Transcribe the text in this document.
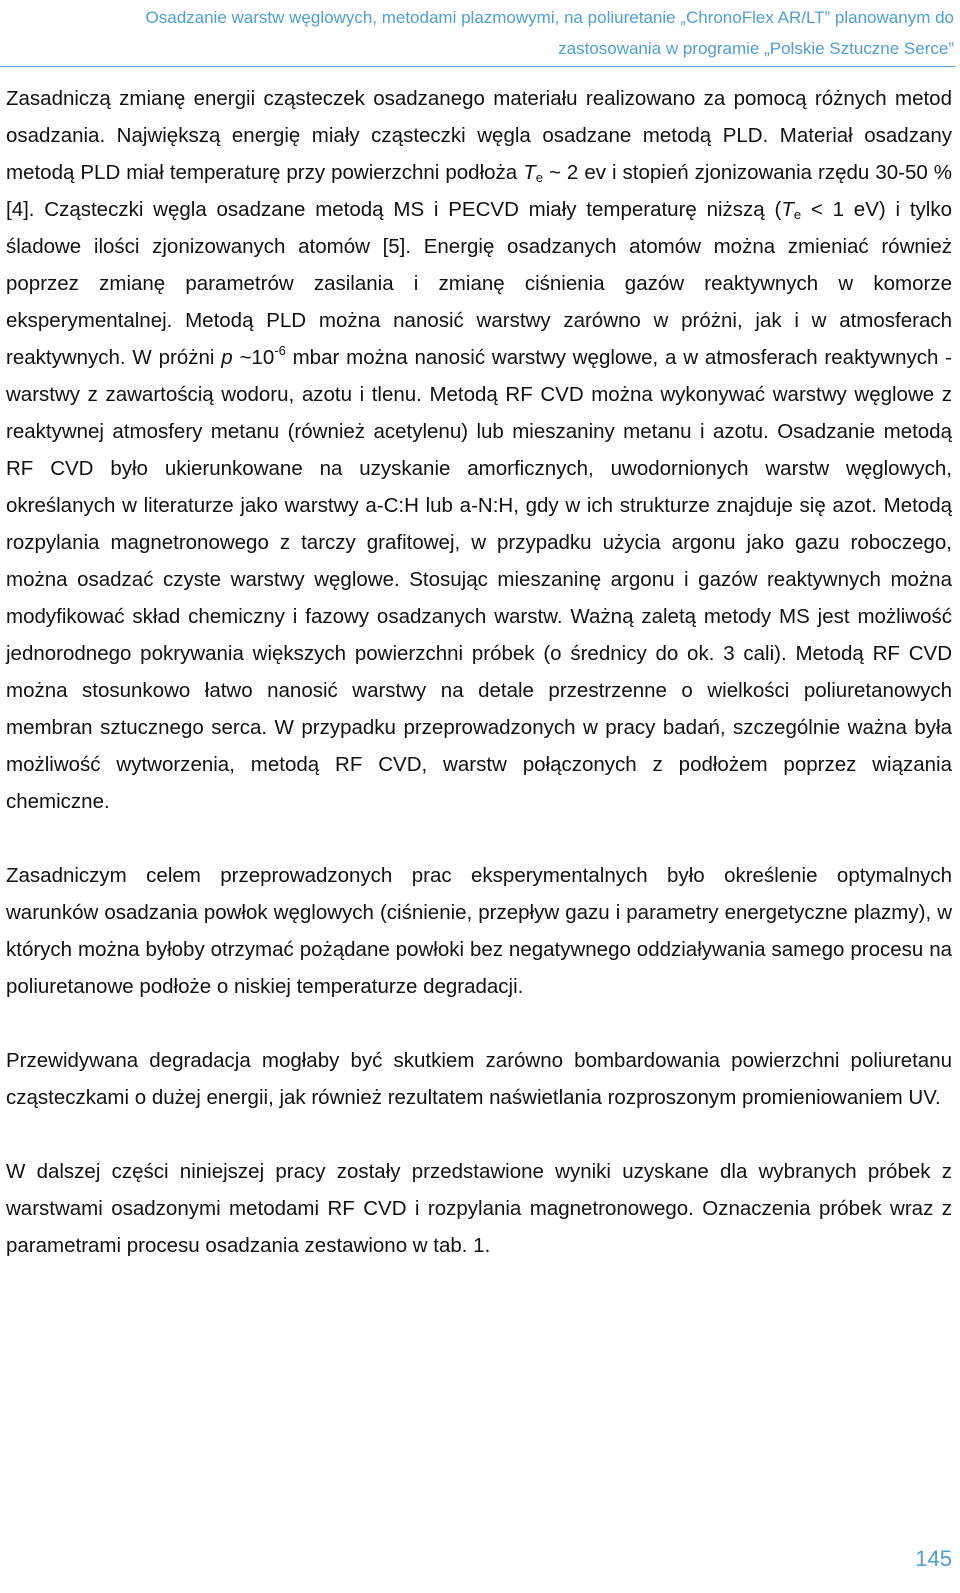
Osadzanie warstw węglowych, metodami plazmowymi, na poliuretanie „ChronoFlex AR/LT” planowanym do
zastosowania w programie „Polskie Sztuczne Serce”

Zasadniczą zmianę energii cząsteczek osadzanego materiału realizowano za pomocą różnych metod osadzania. Największą energię miały cząsteczki węgla osadzane metodą PLD. Materiał osadzany metodą PLD miał temperaturę przy powierzchni podłoża $T_e$ ~ 2 ev i stopień zjonizowania rzędu 30-50 % [4]. Cząsteczki węgla osadzane metodą MS i PECVD miały temperaturę niższą ($T_e < 1$ eV) i tylko śladowe ilości zjonizowanych atomów [5]. Energię osadzanych atomów można zmieniać również poprzez zmianę parametrów zasilania i zmianę ciśnienia gazów reaktywnych w komorze eksperymentalnej. Metodą PLD można nanosić warstwy zarówno w próżni, jak i w atmosferach reaktywnych. W próżni p $\sim 10^{-6}$ mbar można nanosić warstwy węglowe, a w atmosferach reaktywnych - warstwy z zawartością wodoru, azotu i tlenu. Metodą RF CVD można wykonywać warstwy węglowe z reaktywnej atmosfery metanu (również acetylenu) lub mieszaniny metanu i azotu. Osadzanie metodą RF CVD było ukierunkowane na uzyskanie amorficznych, uwodornionych warstw węglowych, określanych w literaturze jako warstwy a-C:H lub a-N:H, gdy w ich strukturze znajduje się azot. Metodą rozpylania magnetronowego z tarczy grafitowej, w przypadku użycia argonu jako gazu roboczego, można osadzać czyste warstwy węglowe. Stosując mieszaninę argonu i gazów reaktywnych można modyfikować skład chemiczny i fazowy osadzanych warstw. Ważną zaletą metody MS jest możliwość jednorodnego pokrywania większych powierzchni próbek (o średnicy do ok. 3 cali). Metodą RF CVD można stosunkowo łatwo nanosić warstwy na detale przestrzenne o wielkości poliuretanowych membran sztucznego serca. W przypadku przeprowadzonych w pracy badań, szczególnie ważna była możliwość wytworzenia, metodą RF CVD, warstw połączonych z podłożem poprzez wiązania chemiczne.

Zasadniczym celem przeprowadzonych prac eksperymentalnych było określenie optymalnych warunków osadzania powłok węglowych (ciśnienie, przepływ gazu i parametry energetyczne plazmy), w których można byłoby otrzymać pożądane powłoki bez negatywnego oddziaływania samego procesu na poliuretanowe podłoże o niskiej temperaturze degradacji.

Przewidywana degradacja mogłaby być skutkiem zarówno bombardowania powierzchni poliuretanu cząsteczkami o dużej energii, jak również rezultatem naświetlania rozproszonym promieniowaniem UV.

W dalszej części niniejszej pracy zostały przedstawione wyniki uzyskane dla wybranych próbek z warstwami osadzonymi metodami RF CVD i rozpylania magnetronowego. Oznaczenia próbek wraz z parametrami procesu osadzania zestawiono w tab. 1.

145
